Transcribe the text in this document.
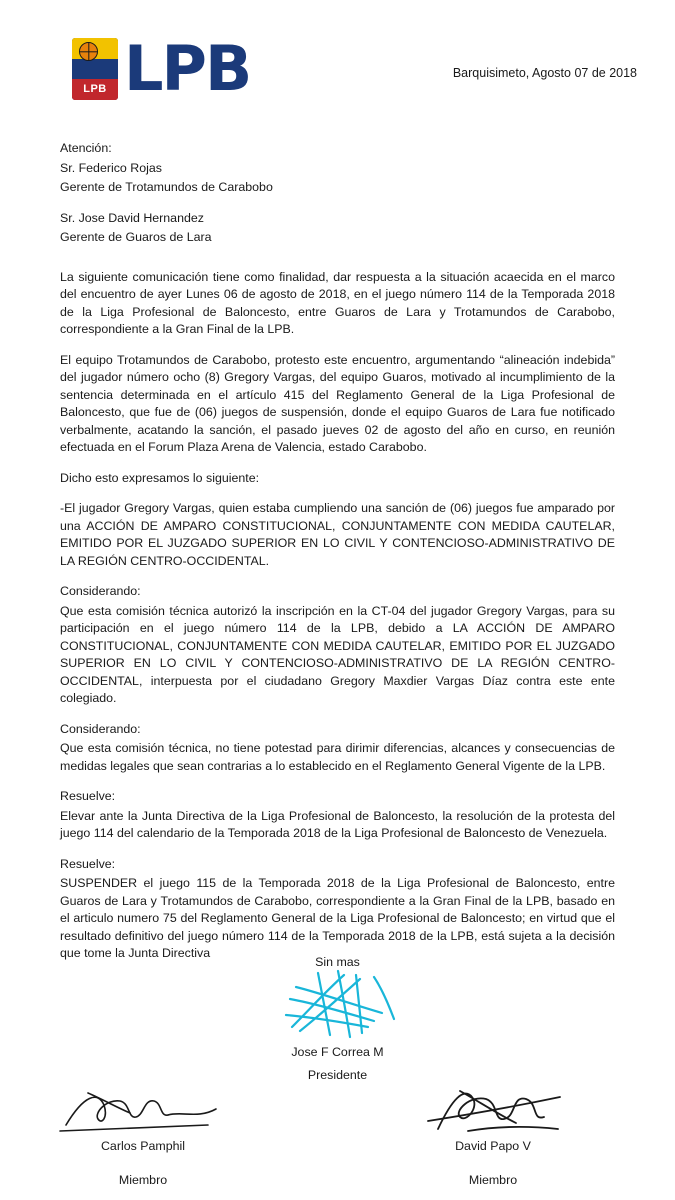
LPB LPB	Barquisimeto, Agosto 07 de 2018

Atención:

Sr. Federico Rojas

Gerente de Trotamundos de Carabobo

Sr. Jose David Hernandez

Gerente de Guaros de Lara

La siguiente comunicación tiene como finalidad, dar respuesta a la situación acaecida en el marco del encuentro de ayer Lunes 06 de agosto de 2018, en el juego número 114 de la Temporada 2018 de la Liga Profesional de Baloncesto, entre Guaros de Lara y Trotamundos de Carabobo, correspondiente a la Gran Final de la LPB.

El equipo Trotamundos de Carabobo, protesto este encuentro, argumentando “alineación indebida” del jugador número ocho (8) Gregory Vargas, del equipo Guaros, motivado al incumplimiento de la sentencia determinada en el artículo 415 del Reglamento General de la Liga Profesional de Baloncesto, que fue de (06) juegos de suspensión, donde el equipo Guaros de Lara fue notificado verbalmente, acatando la sanción, el pasado jueves 02 de agosto del año en curso, en reunión efectuada en el Forum Plaza Arena de Valencia, estado Carabobo.

Dicho esto expresamos lo siguiente:

-El jugador Gregory Vargas, quien estaba cumpliendo una sanción de (06) juegos fue amparado por una ACCIÓN DE AMPARO CONSTITUCIONAL, CONJUNTAMENTE CON MEDIDA CAUTELAR, EMITIDO POR EL JUZGADO SUPERIOR EN LO CIVIL Y CONTENCIOSO-ADMINISTRATIVO DE LA REGIÓN CENTRO-OCCIDENTAL.

Considerando:

Que esta comisión técnica autorizó la inscripción en la CT-04 del jugador Gregory Vargas, para su participación en el juego número 114 de la LPB, debido a LA ACCIÓN DE AMPARO CONSTITUCIONAL, CONJUNTAMENTE CON MEDIDA CAUTELAR, EMITIDO POR EL JUZGADO SUPERIOR EN LO CIVIL Y CONTENCIOSO-ADMINISTRATIVO DE LA REGIÓN CENTRO-OCCIDENTAL, interpuesta por el ciudadano Gregory Maxdier Vargas Díaz contra este ente colegiado.

Considerando:

Que esta comisión técnica, no tiene potestad para dirimir diferencias, alcances y consecuencias de medidas legales que sean contrarias a lo establecido en el Reglamento General Vigente de la LPB.

Resuelve:

Elevar ante la Junta Directiva de la Liga Profesional de Baloncesto, la resolución de la protesta del juego 114 del calendario de la Temporada 2018 de la Liga Profesional de Baloncesto de Venezuela.

Resuelve:

SUSPENDER el juego 115 de la Temporada 2018 de la Liga Profesional de Baloncesto, entre Guaros de Lara y Trotamundos de Carabobo, correspondiente a la Gran Final de la LPB, basado en el articulo numero 75 del Reglamento General de la Liga Profesional de Baloncesto; en virtud que el resultado definitivo del juego número 114 de la Temporada 2018 de la LPB, está sujeta a la decisión que tome la Junta Directiva

Sin mas
Jose F Correa M
Presidente
Carlos Pamphil
Miembro
David Papo V
Miembro
